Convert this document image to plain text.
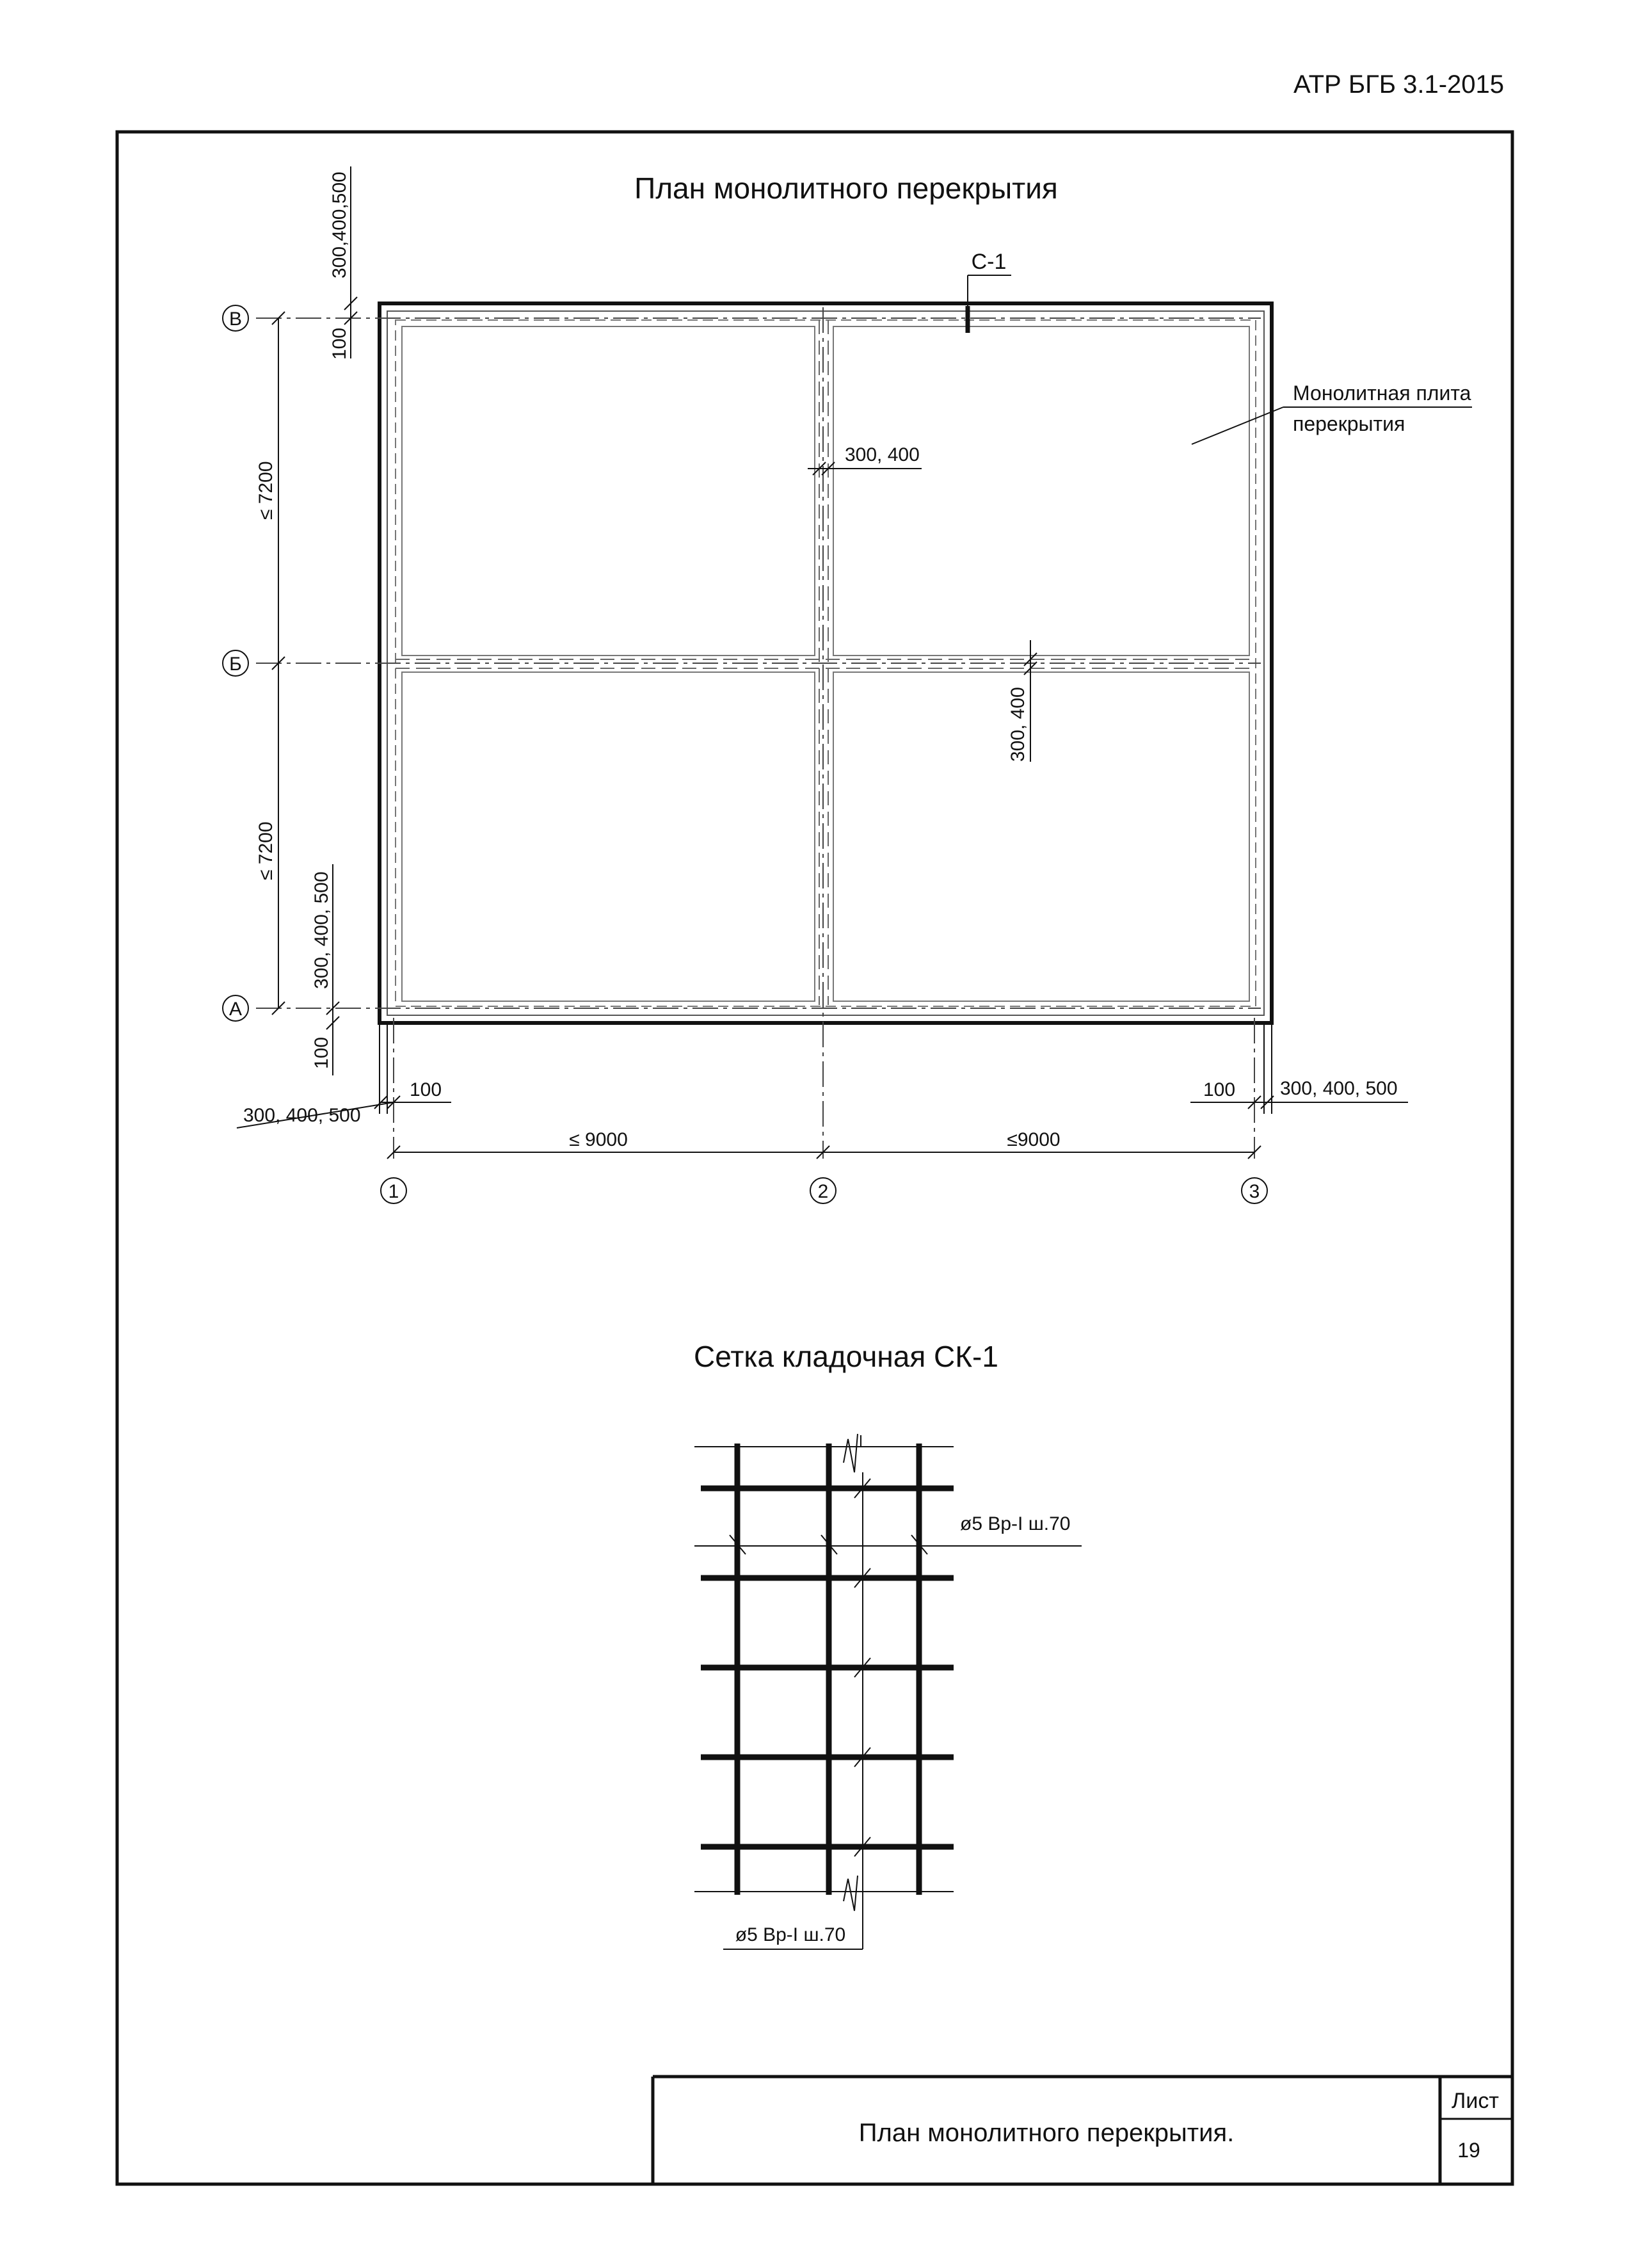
АТР БГБ 3.1-2015
План монолитного перекрытия
С-1
Монолитная плита
перекрытия
В
Б
А
1	2	3
300,400,500
100
≤ 7200
≤ 7200
300, 400, 500
100
300, 400
300, 400
100
300, 400, 500
100 300, 400, 500
≤ 9000	≤9000
Сетка кладочная СК-1
ø5 Вр-I ш.70
ø5 Вр-I ш.70
План монолитного перекрытия.
Лист
19
